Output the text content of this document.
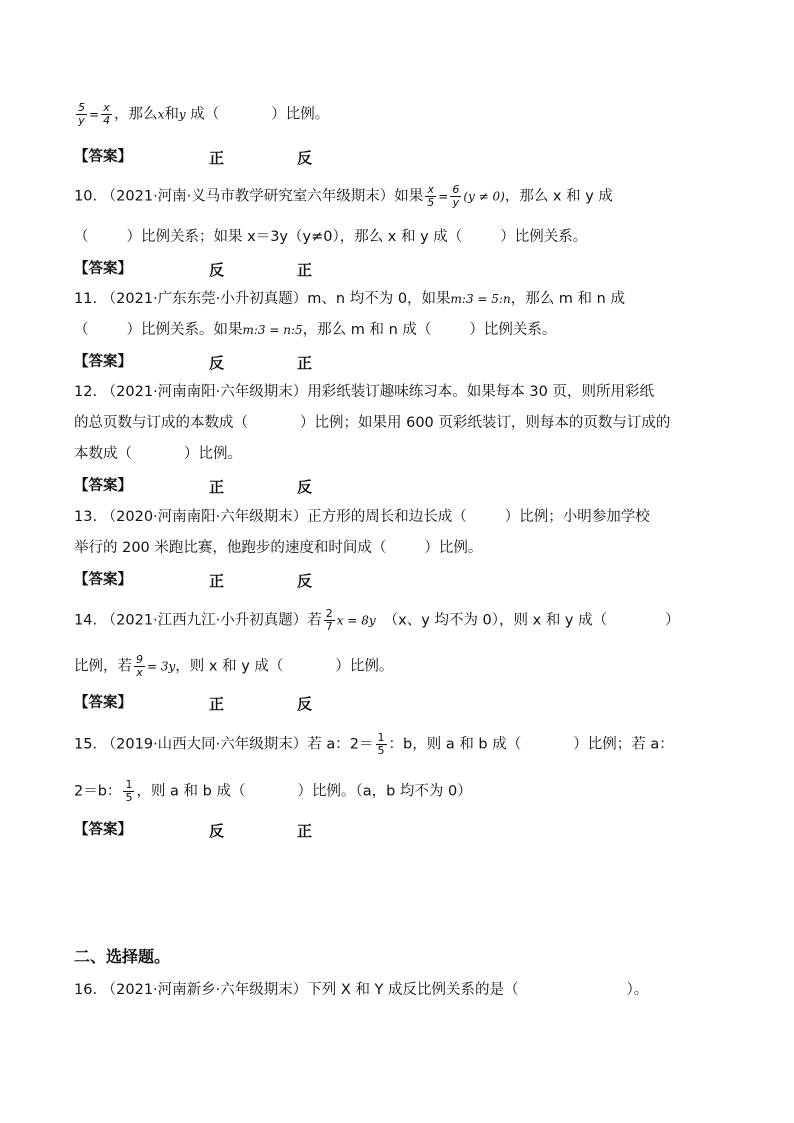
$\frac{5}{y} = \frac{x}{4}$ ，那么x和y 成（	）比例。
【答案】	正	反
10. （2021·河南·义马市教学研究室六年级期末）如果 $\frac{x}{5} = \frac{6}{y} (y \ne 0)$，那么 x 和 y 成
（	）比例关系；如果 x＝3y（y≠0），那么 x 和 y 成（	）比例关系。
【答案】	反	正
11. （2021·广东东莞·小升初真题）m、n 均不为 0，如果m:3 = 5:n，那么 m 和 n 成
（	）比例关系。如果m:3 = n:5，那么 m 和 n 成（	）比例关系。
【答案】	反	正
12. （2021·河南南阳·六年级期末）用彩纸装订趣味练习本。如果每本 30 页，则所用彩纸
的总页数与订成的本数成（	）比例；如果用 600 页彩纸装订，则每本的页数与订成的
本数成（	）比例。
【答案】	正	反
13. （2020·河南南阳·六年级期末）正方形的周长和边长成（	）比例；小明参加学校
举行的 200 米跑比赛，他跑步的速度和时间成（	）比例。
【答案】	正	反
14. （2021·江西九江·小升初真题）若 $\frac{2}{7}$ x = 8y （x、y 均不为 0），则 x 和 y 成（	）
比例，若 $\frac{9}{x} = 3y$，则 x 和 y 成（	）比例。
【答案】	正	反
15. （2019·山西大同·六年级期末）若 a：$2= \frac{1}{5}$ ：b，则 a 和 b 成（	）比例；若 a：
2＝b： $\frac{1}{5}$ ，则 a 和 b 成（	）比例。（a，b 均不为 0）
【答案】	反	正
二、选择题。
16. （2021·河南新乡·六年级期末）下列 X 和 Y 成反比例关系的是（	）。
